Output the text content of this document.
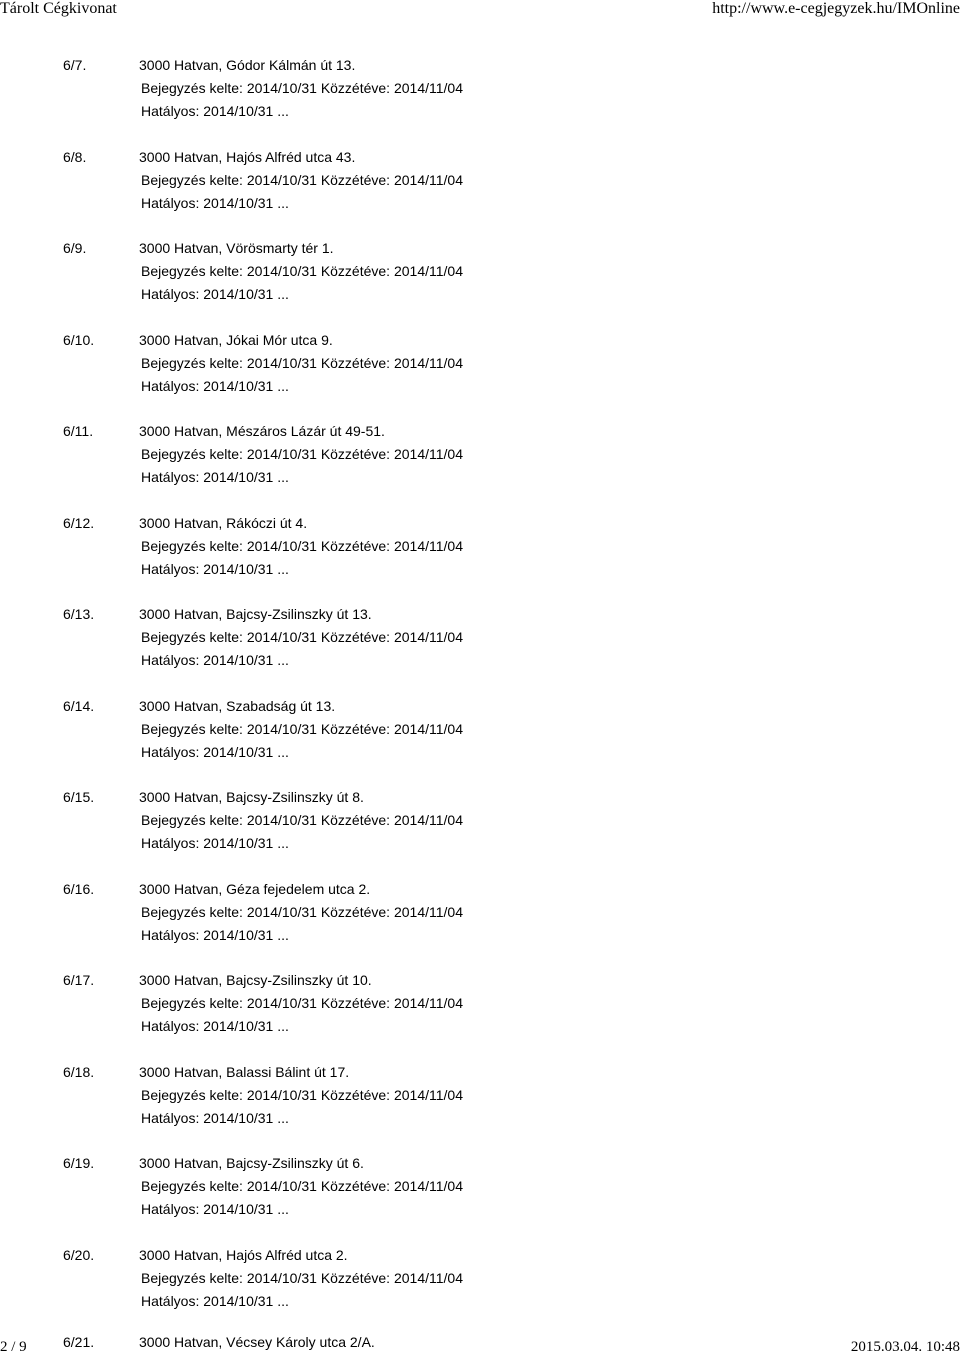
Tárolt Cégkivonat	http://www.e-cegjegyzek.hu/IMOnline
6/7.	3000 Hatvan, Gódor Kálmán út 13.
Bejegyzés kelte: 2014/10/31 Közzétéve: 2014/11/04
Hatályos: 2014/10/31 ...
6/8.	3000 Hatvan, Hajós Alfréd utca 43.
Bejegyzés kelte: 2014/10/31 Közzétéve: 2014/11/04
Hatályos: 2014/10/31 ...
6/9.	3000 Hatvan, Vörösmarty tér 1.
Bejegyzés kelte: 2014/10/31 Közzétéve: 2014/11/04
Hatályos: 2014/10/31 ...
6/10.	3000 Hatvan, Jókai Mór utca 9.
Bejegyzés kelte: 2014/10/31 Közzétéve: 2014/11/04
Hatályos: 2014/10/31 ...
6/11.	3000 Hatvan, Mészáros Lázár út 49-51.
Bejegyzés kelte: 2014/10/31 Közzétéve: 2014/11/04
Hatályos: 2014/10/31 ...
6/12.	3000 Hatvan, Rákóczi út 4.
Bejegyzés kelte: 2014/10/31 Közzétéve: 2014/11/04
Hatályos: 2014/10/31 ...
6/13.	3000 Hatvan, Bajcsy-Zsilinszky út 13.
Bejegyzés kelte: 2014/10/31 Közzétéve: 2014/11/04
Hatályos: 2014/10/31 ...
6/14.	3000 Hatvan, Szabadság út 13.
Bejegyzés kelte: 2014/10/31 Közzétéve: 2014/11/04
Hatályos: 2014/10/31 ...
6/15.	3000 Hatvan, Bajcsy-Zsilinszky út 8.
Bejegyzés kelte: 2014/10/31 Közzétéve: 2014/11/04
Hatályos: 2014/10/31 ...
6/16.	3000 Hatvan, Géza fejedelem utca 2.
Bejegyzés kelte: 2014/10/31 Közzétéve: 2014/11/04
Hatályos: 2014/10/31 ...
6/17.	3000 Hatvan, Bajcsy-Zsilinszky út 10.
Bejegyzés kelte: 2014/10/31 Közzétéve: 2014/11/04
Hatályos: 2014/10/31 ...
6/18.	3000 Hatvan, Balassi Bálint út 17.
Bejegyzés kelte: 2014/10/31 Közzétéve: 2014/11/04
Hatályos: 2014/10/31 ...
6/19.	3000 Hatvan, Bajcsy-Zsilinszky út 6.
Bejegyzés kelte: 2014/10/31 Közzétéve: 2014/11/04
Hatályos: 2014/10/31 ...
6/20.	3000 Hatvan, Hajós Alfréd utca 2.
Bejegyzés kelte: 2014/10/31 Közzétéve: 2014/11/04
Hatályos: 2014/10/31 ...
6/21.	3000 Hatvan, Vécsey Károly utca 2/A.
2 / 9	2015.03.04. 10:48
